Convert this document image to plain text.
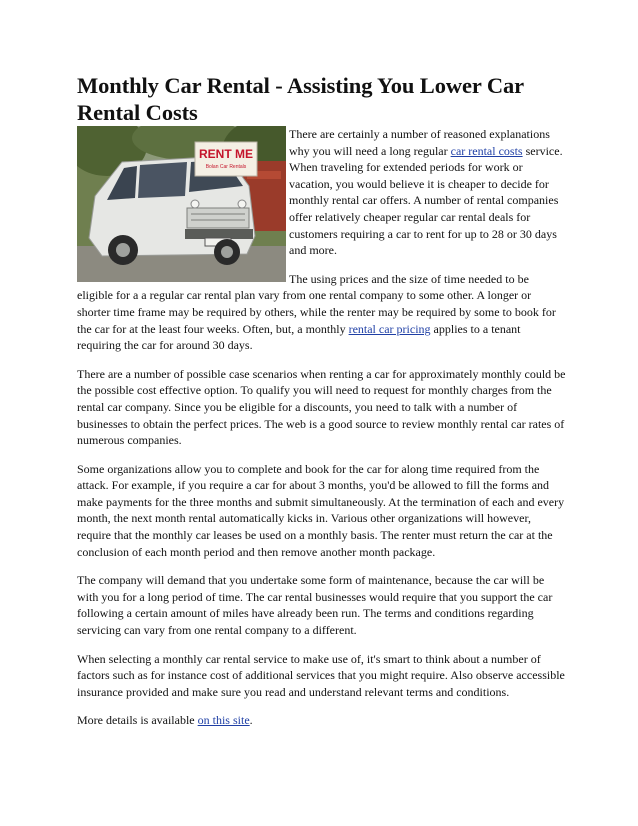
Monthly Car Rental - Assisting You Lower Car Rental Costs
RENT ME
Bolan Car Rentals

There are certainly a number of reasoned explanations why you will need a long regular car rental costs service. When traveling for extended periods for work or vacation, you would believe it is cheaper to decide for monthly rental car offers. A number of rental companies offer relatively cheaper regular car rental deals for customers requiring a car to rent for up to 28 or 30 days and more.

The using prices and the size of time needed to be eligible for a a regular car rental plan vary from one rental company to some other. A longer or shorter time frame may be required by others, while the renter may be required by some to book for the car for at the least four weeks. Often, but, a monthly rental car pricing applies to a tenant requiring the car for around 30 days.

There are a number of possible case scenarios when renting a car for approximately monthly could be the possible cost effective option. To qualify you will need to request for monthly charges from the rental car company. Since you be eligible for a discounts, you need to talk with a number of businesses to obtain the perfect prices. The web is a good source to review monthly rental car rates of numerous companies.

Some organizations allow you to complete and book for the car for along time required from the attack. For example, if you require a car for about 3 months, you'd be allowed to fill the forms and make payments for the three months and submit simultaneously. At the termination of each and every month, the next month rental automatically kicks in. Various other organizations will however, require that the monthly car leases be used on a monthly basis. The renter must return the car at the conclusion of each month period and then remove another month package.

The company will demand that you undertake some form of maintenance, because the car will be with you for a long period of time. The car rental businesses would require that you support the car following a certain amount of miles have already been run. The terms and conditions regarding servicing can vary from one rental company to a different.

When selecting a monthly car rental service to make use of, it's smart to think about a number of factors such as for instance cost of additional services that you might require. Also observe accessible insurance provided and make sure you read and understand relevant terms and conditions.

More details is available on this site.
